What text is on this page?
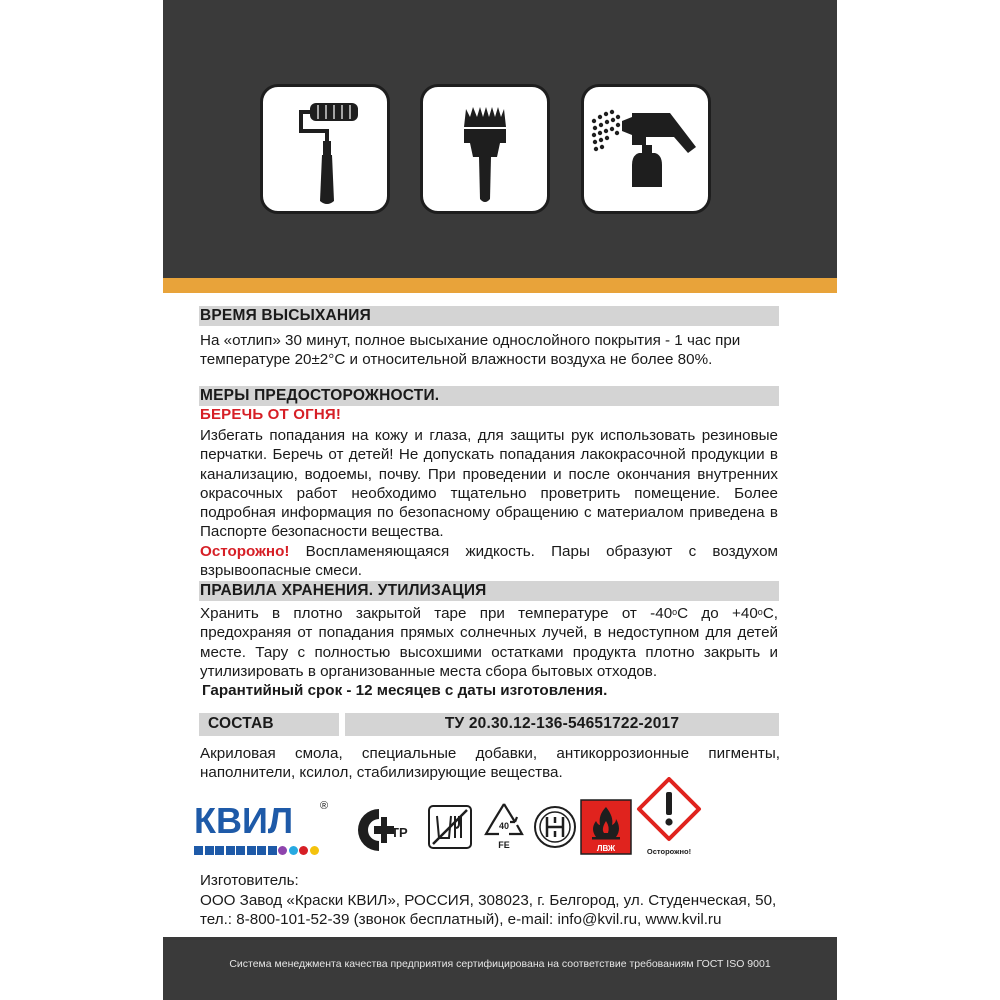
ВРЕМЯ ВЫСЫХАНИЯ

На «отлип» 30 минут, полное высыхание однослойного покрытия - 1 час при

температуре 20±2°С и относительной влажности воздуха не более 80%.

МЕРЫ ПРЕДОСТОРОЖНОСТИ.
БЕРЕЧЬ ОТ ОГНЯ!

Избегать попадания на кожу и глаза, для защиты рук использовать резиновые перчатки. Беречь от детей! Не допускать попадания лакокрасочной продукции в канализацию, водоемы, почву. При проведении и после окончания внутренних окрасочных работ необходимо тщательно проветрить помещение. Более подробная информация по безопасному обращению с материалом приведена в Паспорте безопасности вещества.

Осторожно! Воспламеняющаяся жидкость. Пары образуют с воздухом взрывоопасные смеси.

ПРАВИЛА ХРАНЕНИЯ. УТИЛИЗАЦИЯ

Хранить в плотно закрытой таре при температуре от -40$^o$С до $+40^oС$, предохраняя от попадания прямых солнечных лучей, в недоступном для детей месте. Тару с полностью высохшими остатками продукта плотно закрыть и утилизировать в организованные места сбора бытовых отходов.

Гарантийный срок - 12 месяцев с даты изготовления.

СОСТАВ	ТУ 20.30.12-136-54651722-2017
Акриловая смола, специальные добавки, антикоррозионные пигменты, наполнители, ксилол, стабилизирующие вещества.
КВИЛ	®
ТР	40
FE	ЛВЖ	Осторожно!

Изготовитель:

ООО Завод «Краски КВИЛ», РОССИЯ, 308023, г. Белгород, ул. Студенческая, 50,

тел.: 8-800-101-52-39 (звонок бесплатный), e-mail: info@kvil.ru, www.kvil.ru

Система менеджмента качества предприятия сертифицирована на соответствие требованиям ГОСТ ISO 9001
